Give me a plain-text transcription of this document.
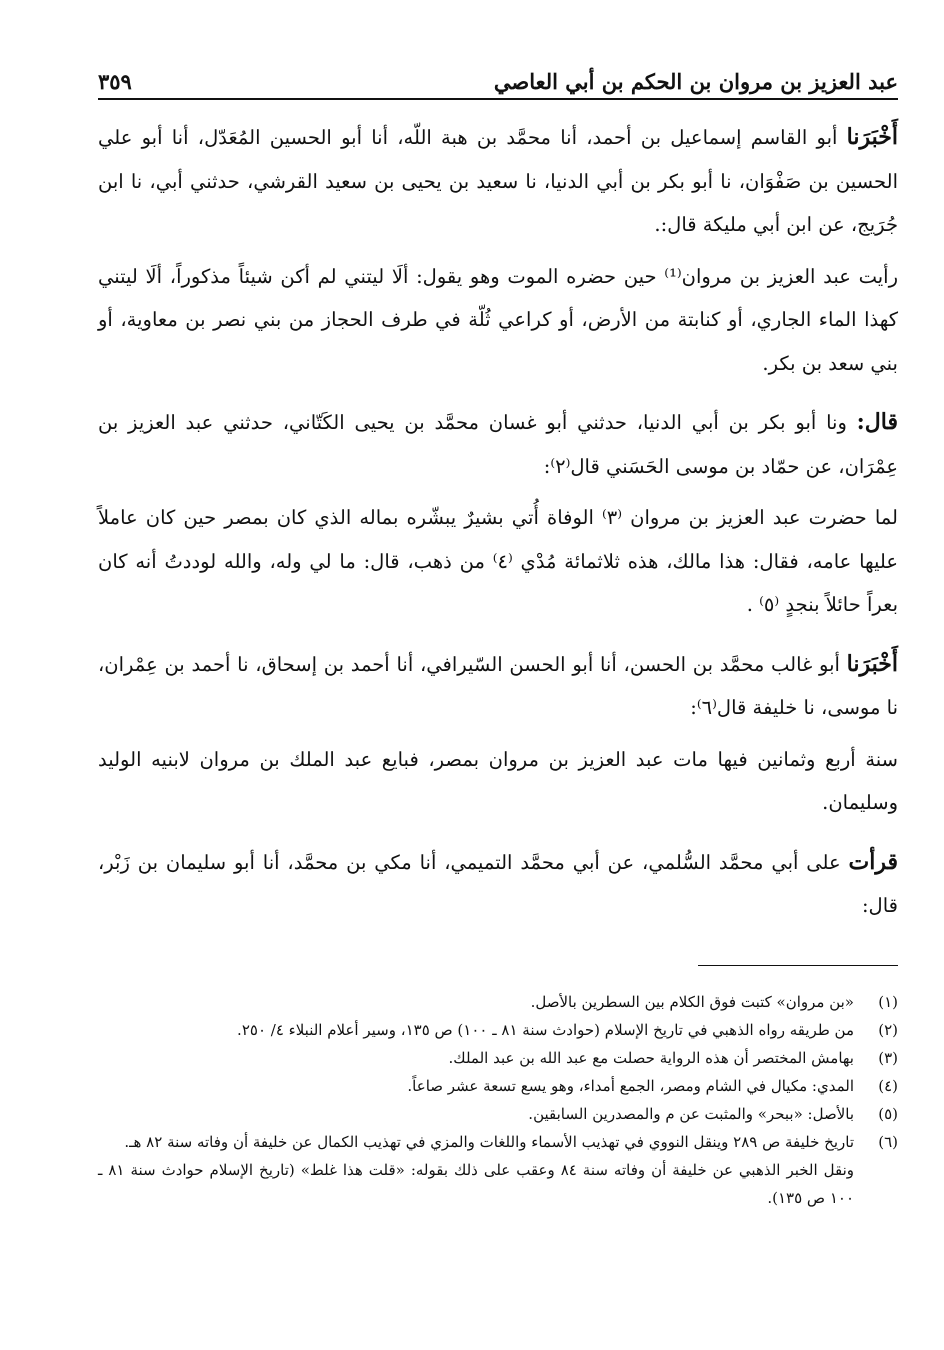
عبد العزيز بن مروان بن الحكم بن أبي العاصي
٣٥٩

أَخْبَرَنا أبو القاسم إسماعيل بن أحمد، أنا محمَّد بن هبة اللّه، أنا أبو الحسين المُعَدّل، أنا أبو علي الحسين بن صَفْوَان، نا أبو بكر بن أبي الدنيا، نا سعيد بن يحيى بن سعيد القرشي، حدثني أبي، نا ابن جُرَيج، عن ابن أبي مليكة قال:.

رأيت عبد العزيز بن مروان⁽¹⁾ حين حضره الموت وهو يقول: ألَا ليتني لم أكن شيئاً مذكوراً، ألَا ليتني كهذا الماء الجاري، أو كنابتة من الأرض، أو كراعي ثُلّة في طرف الحجاز من بني نصر بن معاوية، أو بني سعد بن بكر.

قال: ونا أبو بكر بن أبي الدنيا، حدثني أبو غسان محمَّد بن يحيى الكَتّاني، حدثني عبد العزيز بن عِمْرَان، عن حمّاد بن موسى الحَسَني قال⁽٢⁾:

لما حضرت عبد العزيز بن مروان ⁽٣⁾ الوفاة أُتي بشيرٌ يبشّره بماله الذي كان بمصر حين كان عاملاً عليها عامه، فقال: هذا مالك، هذه ثلاثمائة مُدْي ⁽٤⁾ من ذهب، قال: ما لي وله، والله لوددتُ أنه كان بعراً حائلاً بنجدٍ ⁽٥⁾ .

أَخْبَرَنا أبو غالب محمَّد بن الحسن، أنا أبو الحسن السّيرافي، أنا أحمد بن إسحاق، نا أحمد بن عِمْران، نا موسى، نا خليفة قال⁽٦⁾:

سنة أربع وثمانين فيها مات عبد العزيز بن مروان بمصر، فبايع عبد الملك بن مروان لابنيه الوليد وسليمان.

قرأت على أبي محمَّد السُّلمي، عن أبي محمَّد التميمي، أنا مكي بن محمَّد، أنا أبو سليمان بن زَبْر، قال:

(١)
«بن مروان» كتبت فوق الكلام بين السطرين بالأصل.
(٢)
من طريقه رواه الذهبي في تاريخ الإسلام (حوادث سنة ٨١ ـ ١٠٠) ص ١٣٥، وسير أعلام النبلاء ٤/ ٢٥٠.
(٣)
بهامش المختصر أن هذه الرواية حصلت مع عبد الله بن عبد الملك.
(٤)
المدي: مكيال في الشام ومصر، الجمع أمداء، وهو يسع تسعة عشر صاعاً.
(٥)
بالأصل: «ببحر» والمثبت عن م والمصدرين السابقين.
(٦)
تاريخ خليفة ص ٢٨٩ وينقل النووي في تهذيب الأسماء واللغات والمزي في تهذيب الكمال عن خليفة أن وفاته سنة ٨٢ هـ.
ونقل الخبر الذهبي عن خليفة أن وفاته سنة ٨٤ وعقب على ذلك بقوله: «قلت هذا غلط» (تاريخ الإسلام حوادث سنة ٨١ ـ ١٠٠ ص ١٣٥).
